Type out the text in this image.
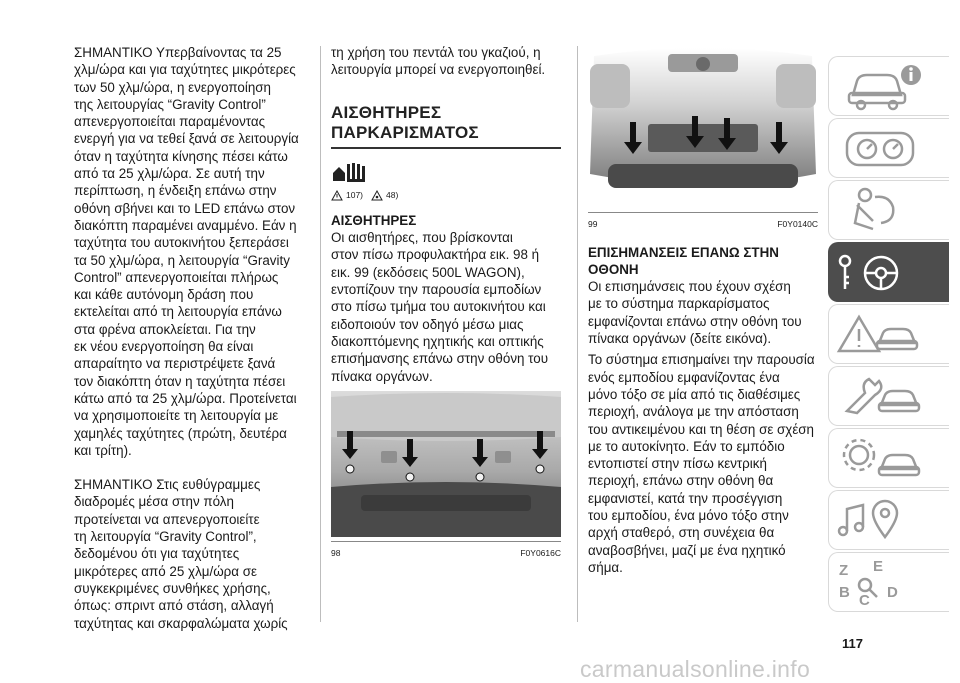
ΣΗΜΑΝΤΙΚΟ Υπερβαίνοντας τα 25
χλμ/ώρα και για ταχύτητες μικρότερες
των 50 χλμ/ώρα, η ενεργοποίηση
της λειτουργίας “Gravity Control”
απενεργοποιείται παραμένοντας
ενεργή για να τεθεί ξανά σε λειτουργία
όταν η ταχύτητα κίνησης πέσει κάτω
από τα 25 χλμ/ώρα. Σε αυτή την
περίπτωση, η ένδειξη επάνω στην
οθόνη σβήνει και το LED επάνω στον
διακόπτη παραμένει αναμμένο. Εάν η
ταχύτητα του αυτοκινήτου ξεπεράσει
τα 50 χλμ/ώρα, η λειτουργία “Gravity
Control” απενεργοποιείται πλήρως
και κάθε αυτόνομη δράση που
εκτελείται από τη λειτουργία επάνω
στα φρένα αποκλείεται. Για την
εκ νέου ενεργοποίηση θα είναι
απαραίτητο να περιστρέψετε ξανά
τον διακόπτη όταν η ταχύτητα πέσει
κάτω από τα 25 χλμ/ώρα. Προτείνεται
να χρησιμοποιείτε τη λειτουργία με
χαμηλές ταχύτητες (πρώτη, δευτέρα
και τρίτη).

ΣΗΜΑΝΤΙΚΟ Στις ευθύγραμμες
διαδρομές μέσα στην πόλη
προτείνεται να απενεργοποιείτε
τη λειτουργία “Gravity Control”,
δεδομένου ότι για ταχύτητες
μικρότερες από 25 χλμ/ώρα σε
συγκεκριμένες συνθήκες χρήσης,
όπως: σπριντ από στάση, αλλαγή
ταχύτητας και σκαρφαλώματα χωρίς

τη χρήση του πεντάλ του γκαζιού, η
λειτουργία μπορεί να ενεργοποιηθεί.

ΑΙΣΘΗΤΗΡΕΣ
ΠΑΡΚΑΡΙΣΜΑΤΟΣ
107)	48)
ΑΙΣΘΗΤΗΡΕΣ

Οι αισθητήρες, που βρίσκονται
στον πίσω προφυλακτήρα εικ. 98 ή
εικ. 99 (εκδόσεις 500L WAGON),
εντοπίζουν την παρουσία εμποδίων
στο πίσω τμήμα του αυτοκινήτου και
ειδοποιούν τον οδηγό μέσω μιας
διακοπτόμενης ηχητικής και οπτικής
επισήμανσης επάνω στην οθόνη του
πίνακα οργάνων.

98	F0Y0616C
99	F0Y0140C
ΕΠΙΣΗΜΑΝΣΕΙΣ ΕΠΑΝΩ ΣΤΗΝ
ΟΘΟΝΗ

Οι επισημάνσεις που έχουν σχέση
με το σύστημα παρκαρίσματος
εμφανίζονται επάνω στην οθόνη του
πίνακα οργάνων (δείτε εικόνα).

Το σύστημα επισημαίνει την παρουσία
ενός εμποδίου εμφανίζοντας ένα
μόνο τόξο σε μία από τις διαθέσιμες
περιοχή, ανάλογα με την απόσταση
του αντικειμένου και τη θέση σε σχέση
με το αυτοκίνητο. Εάν το εμπόδιο
εντοπιστεί στην πίσω κεντρική
περιοχή, επάνω στην οθόνη θα
εμφανιστεί, κατά την προσέγγιση
του εμποδίου, ένα μόνο τόξο στην
αρχή σταθερό, στη συνέχεια θα
αναβοσβήνει, μαζί με ένα ηχητικό
σήμα.	Z E
B C D
117
carmanualsonline.info
